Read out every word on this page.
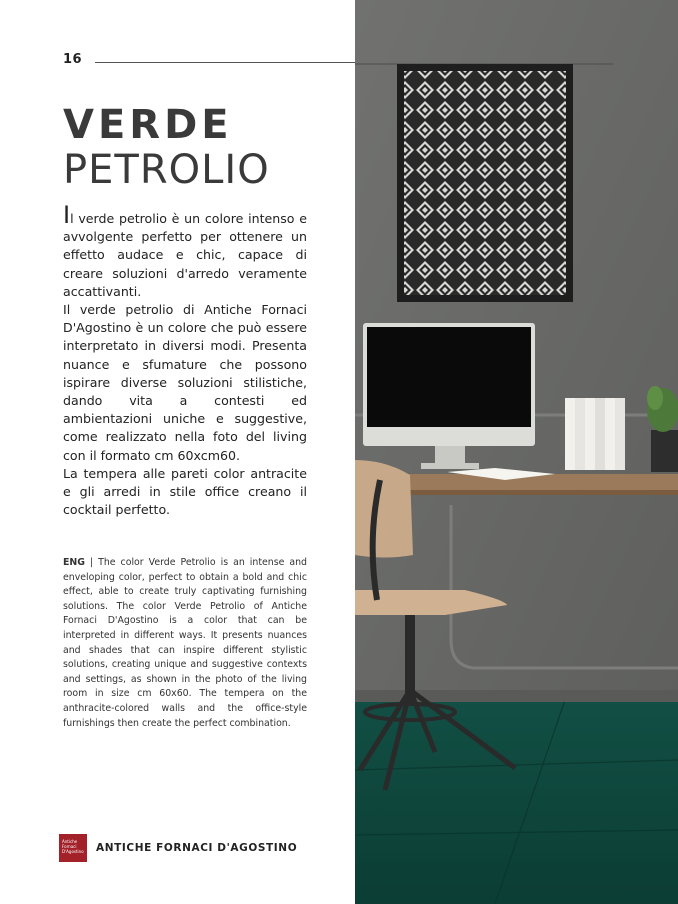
16
VERDE
PETROLIO

Il verde petrolio è un colore intenso e avvolgente perfetto per ottenere un effetto audace e chic, capace di creare soluzioni d'arredo veramente accattivanti.

Il verde petrolio di Antiche Fornaci D'Agostino è un colore che può essere interpretato in diversi modi. Presenta nuance e sfumature che possono ispirare diverse soluzioni stilistiche, dando vita a contesti ed ambientazioni uniche e suggestive, come realizzato nella foto del living con il formato cm 60xcm60.

La tempera alle pareti color antracite e gli arredi in stile office creano il cocktail perfetto.

ENG | The color Verde Petrolio is an intense and enveloping color, perfect to obtain a bold and chic effect, able to create truly captivating furnishing solutions. The color Verde Petrolio of Antiche Fornaci D'Agostino is a color that can be interpreted in different ways. It presents nuances and shades that can inspire different stylistic solutions, creating unique and suggestive contexts and settings, as shown in the photo of the living room in size cm 60x60. The tempera on the anthracite-colored walls and the office-style furnishings then create the perfect combination.
Antiche Fornaci D'Agostino	ANTICHE FORNACI D'AGOSTINO
